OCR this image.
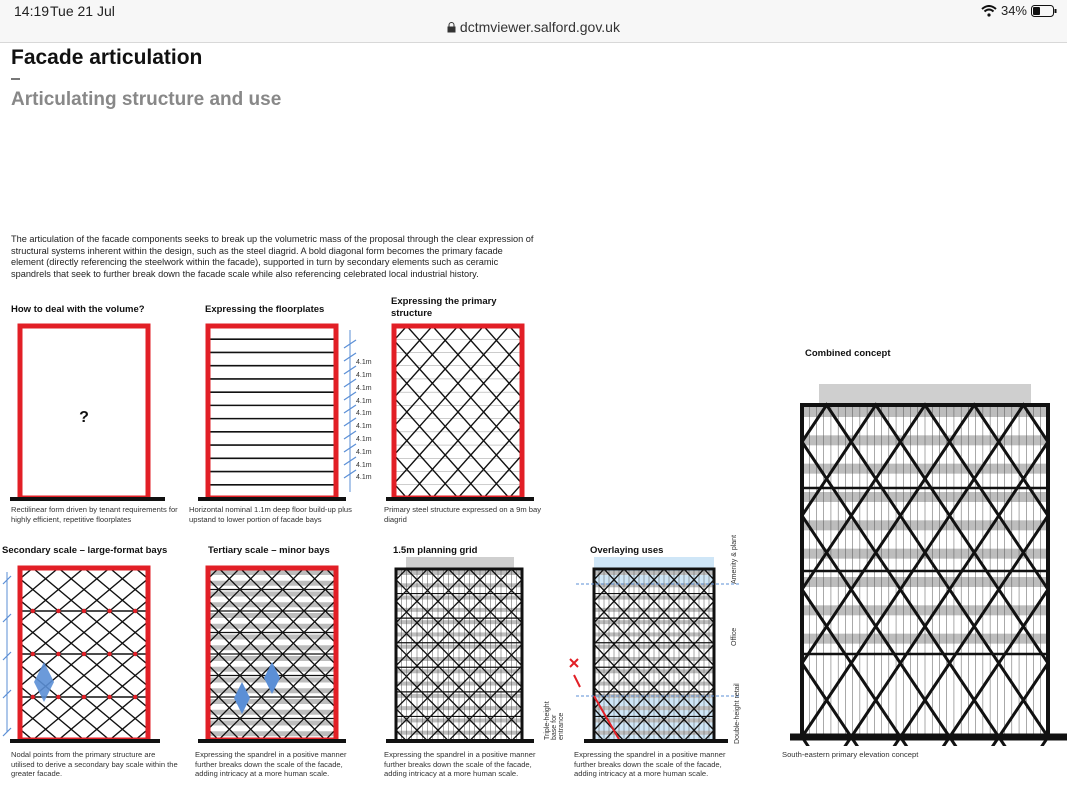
14:19 Tue 21 Jul	34%
dctmviewer.salford.gov.uk
Facade articulation
Articulating structure and use

The articulation of the facade components seeks to break up the volumetric mass of the proposal through the clear expression of structural systems inherent within the design, such as the steel diagrid. A bold diagonal form becomes the primary facade element (directly referencing the steelwork within the facade), supported in turn by secondary elements such as ceramic spandrels that seek to further break down the facade scale while also referencing celebrated local industrial history.

How to deal with the volume?	Expressing the floorplates
Expressing the primary structure
Combined concept
Secondary scale – large-format bays	Tertiary scale – minor bays	1.5m planning grid	Overlaying uses
Rectilinear form driven by tenant requirements for highly efficient, repetitive floorplates
Horizontal nominal 1.1m deep floor build-up plus upstand to lower portion of facade bays
Primary steel structure expressed on a 9m bay diagrid
Nodal points from the primary structure are utilised to derive a secondary bay scale within the greater facade.
Expressing the spandrel in a positive manner further breaks down the scale of the facade, adding intricacy at a more human scale.
Expressing the spandrel in a positive manner further breaks down the scale of the facade, adding intricacy at a more human scale.
Expressing the spandrel in a positive manner further breaks down the scale of the facade, adding intricacy at a more human scale.
South-eastern primary elevation concept
?
4.1m
4.1m
4.1m
4.1m
4.1m
4.1m
4.1m
4.1m
4.1m
4.1m
Amenity & plant
Office
Double-height retail
Triple-height base for entrance
